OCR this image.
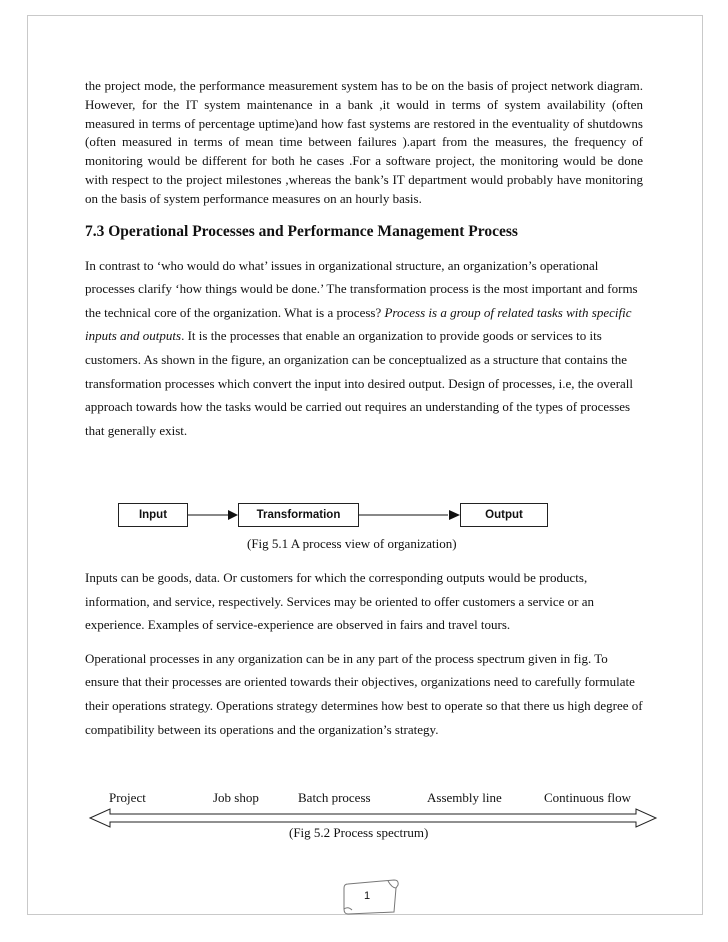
the project mode, the performance measurement system has to be on the basis of project network diagram. However, for the IT system maintenance in a bank ,it would in terms of system availability (often measured in terms of percentage uptime)and how fast systems are restored in the eventuality of shutdowns (often measured in terms of mean time between failures ).apart from the measures, the frequency of monitoring would be different for both he cases .For a software project, the monitoring would be done with respect to the project milestones ,whereas the bank’s IT department would probably have monitoring on the basis of system performance measures on an hourly basis.

7.3 Operational Processes and Performance Management Process

In contrast to ‘who would do what’ issues in organizational structure, an organization’s operational processes clarify ‘how things would be done.’ The transformation process is the most important and forms the technical core of the organization. What is a process? Process is a group of related tasks with specific inputs and outputs. It is the processes that enable an organization to provide goods or services to its customers. As shown in the figure, an organization can be conceptualized as a structure that contains the transformation processes which convert the input into desired output. Design of processes, i.e, the overall approach towards how the tasks would be carried out requires an understanding of the types of processes that generally exist.

Input	Transformation	Output
(Fig 5.1 A process view of organization)

Inputs can be goods, data. Or customers for which the corresponding outputs would be products, information, and service, respectively. Services may be oriented to offer customers a service or an experience. Examples of service-experience are observed in fairs and travel tours.

Operational processes in any organization can be in any part of the process spectrum given in fig. To ensure that their processes are oriented towards their objectives, organizations need to carefully formulate their operations strategy. Operations strategy determines how best to operate so that there us high degree of compatibility between its operations and the organization’s strategy.

Project	Job shop	Batch process	Assembly line	Continuous flow
(Fig 5.2 Process spectrum)
1
